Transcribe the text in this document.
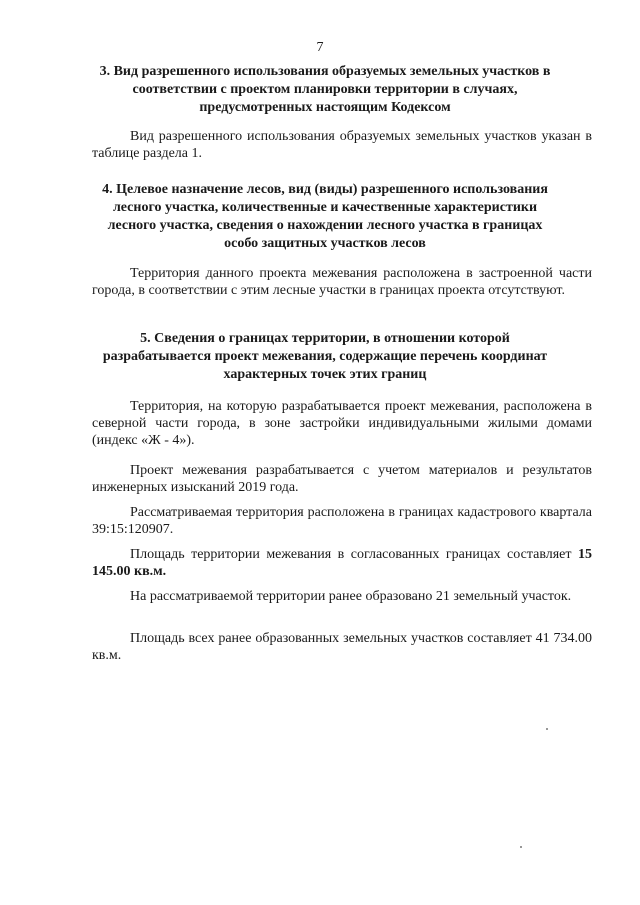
7
3. Вид разрешенного использования образуемых земельных участков в соответствии с проектом планировки территории в случаях, предусмотренных настоящим Кодексом
Вид разрешенного использования образуемых земельных участков указан в таблице раздела 1.
4. Целевое назначение лесов, вид (виды) разрешенного использования лесного участка, количественные и качественные характеристики лесного участка, сведения о нахождении лесного участка в границах особо защитных участков лесов
Территория данного проекта межевания расположена в застроенной части города, в соответствии с этим лесные участки в границах проекта отсутствуют.
5. Сведения о границах территории, в отношении которой разрабатывается проект межевания, содержащие перечень координат характерных точек этих границ
Территория, на которую разрабатывается проект межевания, расположена в северной части города, в зоне застройки индивидуальными жилыми домами (индекс «Ж - 4»).
Проект межевания разрабатывается с учетом материалов и результатов инженерных изысканий 2019 года.
Рассматриваемая территория расположена в границах кадастрового квартала 39:15:120907.
Площадь территории межевания в согласованных границах составляет 15 145.00 кв.м.
На рассматриваемой территории ранее образовано 21 земельный участок.
Площадь всех ранее образованных земельных участков составляет 41 734.00 кв.м.
